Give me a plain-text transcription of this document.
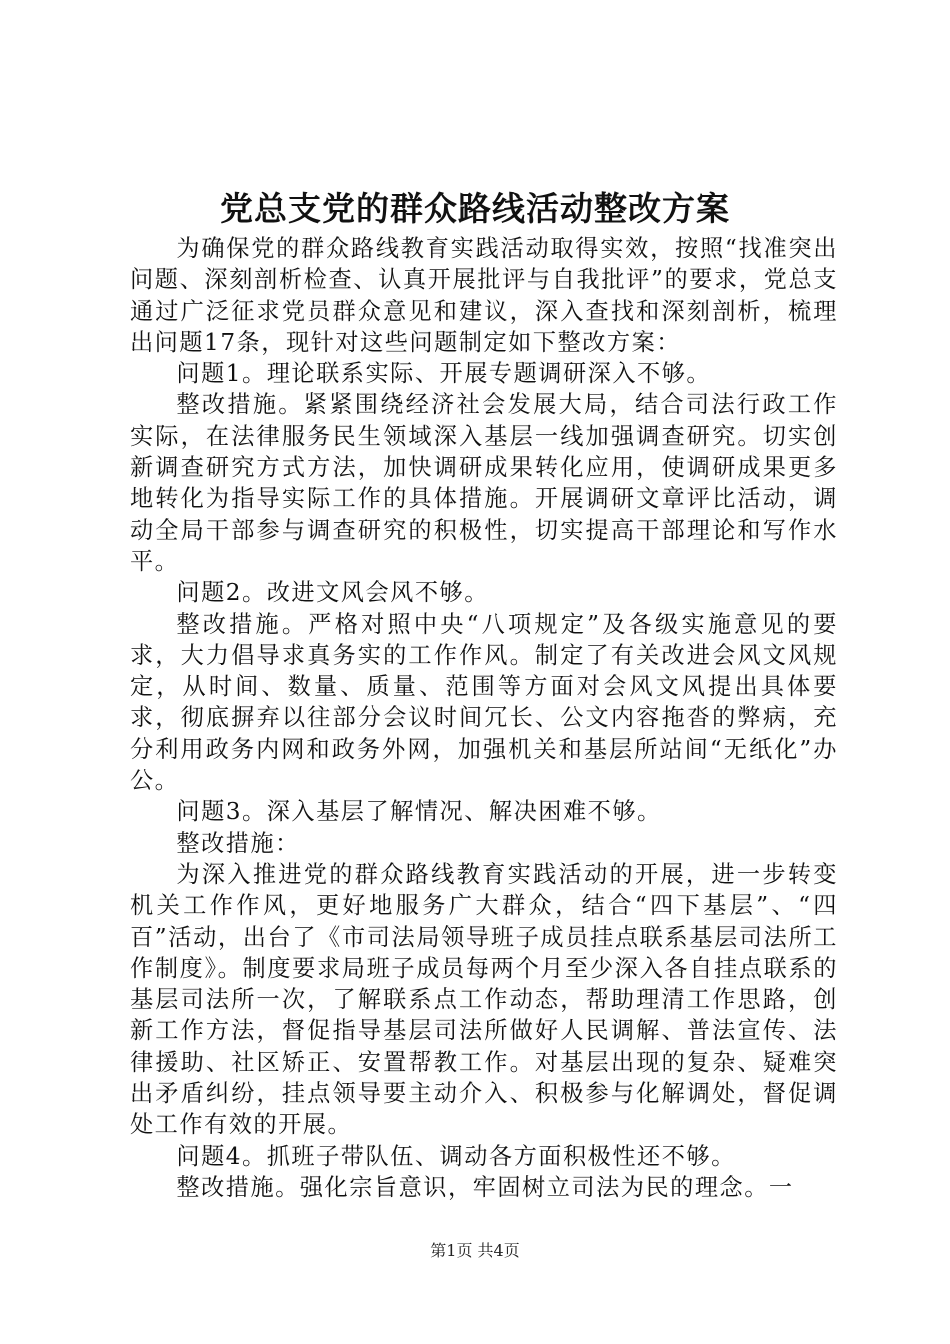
党总支党的群众路线活动整改方案

为确保党的群众路线教育实践活动取得实效，按照“找准突出问题、深刻剖析检查、认真开展批评与自我批评”的要求，党总支通过广泛征求党员群众意见和建议，深入查找和深刻剖析，梳理出问题17条，现针对这些问题制定如下整改方案：

问题1。理论联系实际、开展专题调研深入不够。

整改措施。紧紧围绕经济社会发展大局，结合司法行政工作实际，在法律服务民生领域深入基层一线加强调查研究。切实创新调查研究方式方法，加快调研成果转化应用，使调研成果更多地转化为指导实际工作的具体措施。开展调研文章评比活动，调动全局干部参与调查研究的积极性，切实提高干部理论和写作水平。

问题2。改进文风会风不够。

整改措施。严格对照中央“八项规定”及各级实施意见的要求，大力倡导求真务实的工作作风。制定了有关改进会风文风规定，从时间、数量、质量、范围等方面对会风文风提出具体要求，彻底摒弃以往部分会议时间冗长、公文内容拖沓的弊病，充分利用政务内网和政务外网，加强机关和基层所站间“无纸化”办公。

问题3。深入基层了解情况、解决困难不够。

整改措施：

为深入推进党的群众路线教育实践活动的开展，进一步转变机关工作作风，更好地服务广大群众，结合“四下基层”、“四百”活动，出台了《市司法局领导班子成员挂点联系基层司法所工作制度》。制度要求局班子成员每两个月至少深入各自挂点联系的基层司法所一次，了解联系点工作动态，帮助理清工作思路，创新工作方法，督促指导基层司法所做好人民调解、普法宣传、法律援助、社区矫正、安置帮教工作。对基层出现的复杂、疑难突出矛盾纠纷，挂点领导要主动介入、积极参与化解调处，督促调处工作有效的开展。

问题4。抓班子带队伍、调动各方面积极性还不够。

整改措施。强化宗旨意识，牢固树立司法为民的理念。一

第1页 共4页
